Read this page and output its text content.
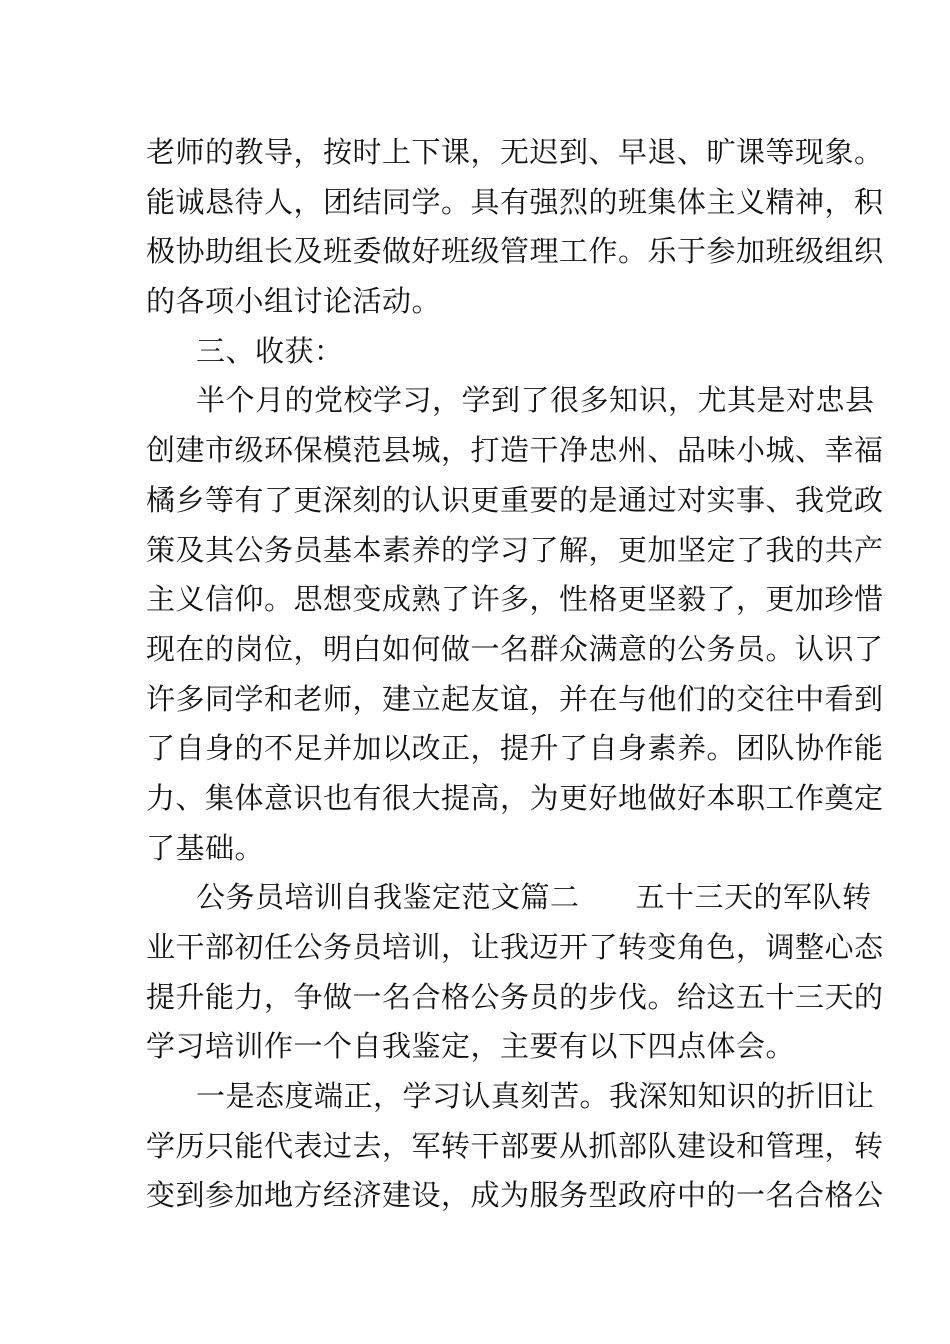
老师的教导，按时上下课，无迟到、早退、旷课等现象。
能诚恳待人，团结同学。具有强烈的班集体主义精神，积
极协助组长及班委做好班级管理工作。乐于参加班级组织
的各项小组讨论活动。
三、收获：
半个月的党校学习，学到了很多知识，尤其是对忠县
创建市级环保模范县城，打造干净忠州、品味小城、幸福
橘乡等有了更深刻的认识更重要的是通过对实事、我党政
策及其公务员基本素养的学习了解，更加坚定了我的共产
主义信仰。思想变成熟了许多，性格更坚毅了，更加珍惜
现在的岗位，明白如何做一名群众满意的公务员。认识了
许多同学和老师，建立起友谊，并在与他们的交往中看到
了自身的不足并加以改正，提升了自身素养。团队协作能
力、集体意识也有很大提高，为更好地做好本职工作奠定
了基础。
公务员培训自我鉴定范文篇二 五十三天的军队转
业干部初任公务员培训，让我迈开了转变角色，调整心态
提升能力，争做一名合格公务员的步伐。给这五十三天的
学习培训作一个自我鉴定，主要有以下四点体会。
一是态度端正，学习认真刻苦。我深知知识的折旧让
学历只能代表过去，军转干部要从抓部队建设和管理，转
变到参加地方经济建设，成为服务型政府中的一名合格公
